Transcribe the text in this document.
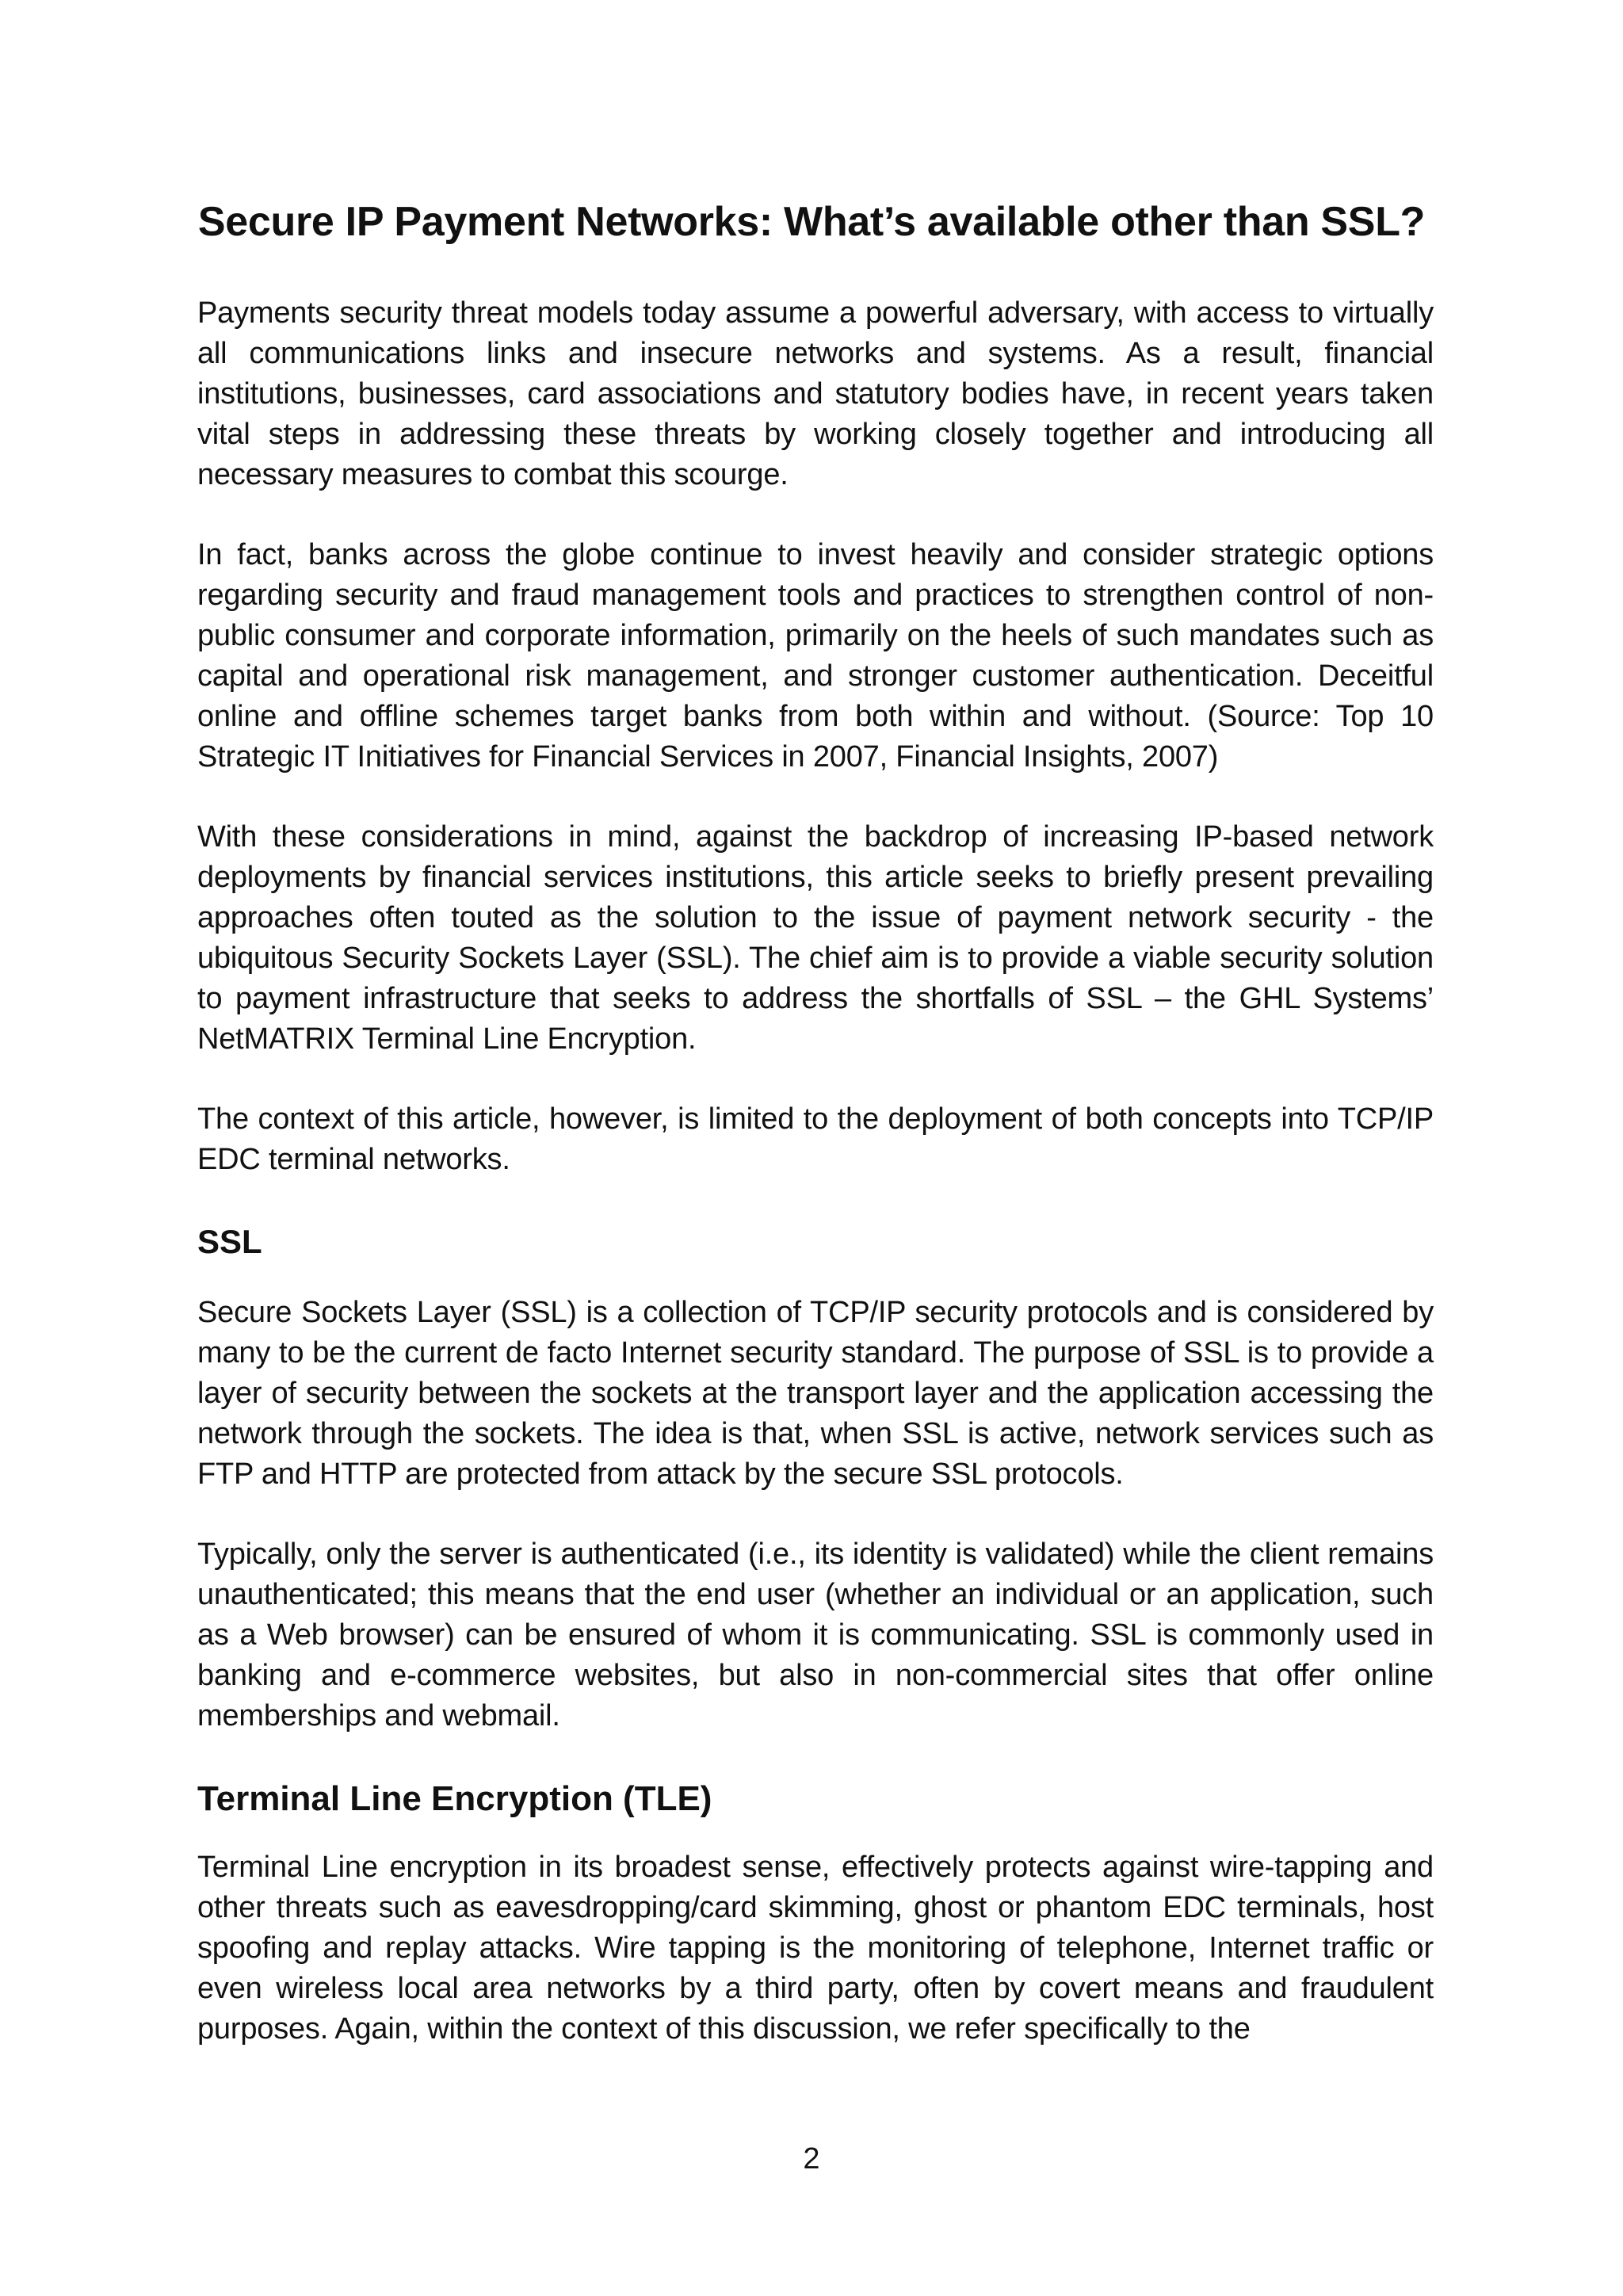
Secure IP Payment Networks: What’s available other than SSL?

Payments security threat models today assume a powerful adversary, with access to virtually all communications links and insecure networks and systems. As a result, financial institutions, businesses, card associations and statutory bodies have, in recent years taken vital steps in addressing these threats by working closely together and introducing all necessary measures to combat this scourge.

In fact, banks across the globe continue to invest heavily and consider strategic options regarding security and fraud management tools and practices to strengthen control of non-public consumer and corporate information, primarily on the heels of such mandates such as capital and operational risk management, and stronger customer authentication. Deceitful online and offline schemes target banks from both within and without. (Source: Top 10 Strategic IT Initiatives for Financial Services in 2007, Financial Insights, 2007)

With these considerations in mind, against the backdrop of increasing IP-based network deployments by financial services institutions, this article seeks to briefly present prevailing approaches often touted as the solution to the issue of payment network security - the ubiquitous Security Sockets Layer (SSL). The chief aim is to provide a viable security solution to payment infrastructure that seeks to address the shortfalls of SSL – the GHL Systems’ NetMATRIX Terminal Line Encryption.

The context of this article, however, is limited to the deployment of both concepts into TCP/IP EDC terminal networks.

SSL

Secure Sockets Layer (SSL) is a collection of TCP/IP security protocols and is considered by many to be the current de facto Internet security standard. The purpose of SSL is to provide a layer of security between the sockets at the transport layer and the application accessing the network through the sockets. The idea is that, when SSL is active, network services such as FTP and HTTP are protected from attack by the secure SSL protocols.

Typically, only the server is authenticated (i.e., its identity is validated) while the client remains unauthenticated; this means that the end user (whether an individual or an application, such as a Web browser) can be ensured of whom it is communicating. SSL is commonly used in banking and e-commerce websites, but also in non-commercial sites that offer online memberships and webmail.

Terminal Line Encryption (TLE)

Terminal Line encryption in its broadest sense, effectively protects against wire-tapping and other threats such as eavesdropping/card skimming, ghost or phantom EDC terminals, host spoofing and replay attacks. Wire tapping is the monitoring of telephone, Internet traffic or even wireless local area networks by a third party, often by covert means and fraudulent purposes. Again, within the context of this discussion, we refer specifically to the

2
